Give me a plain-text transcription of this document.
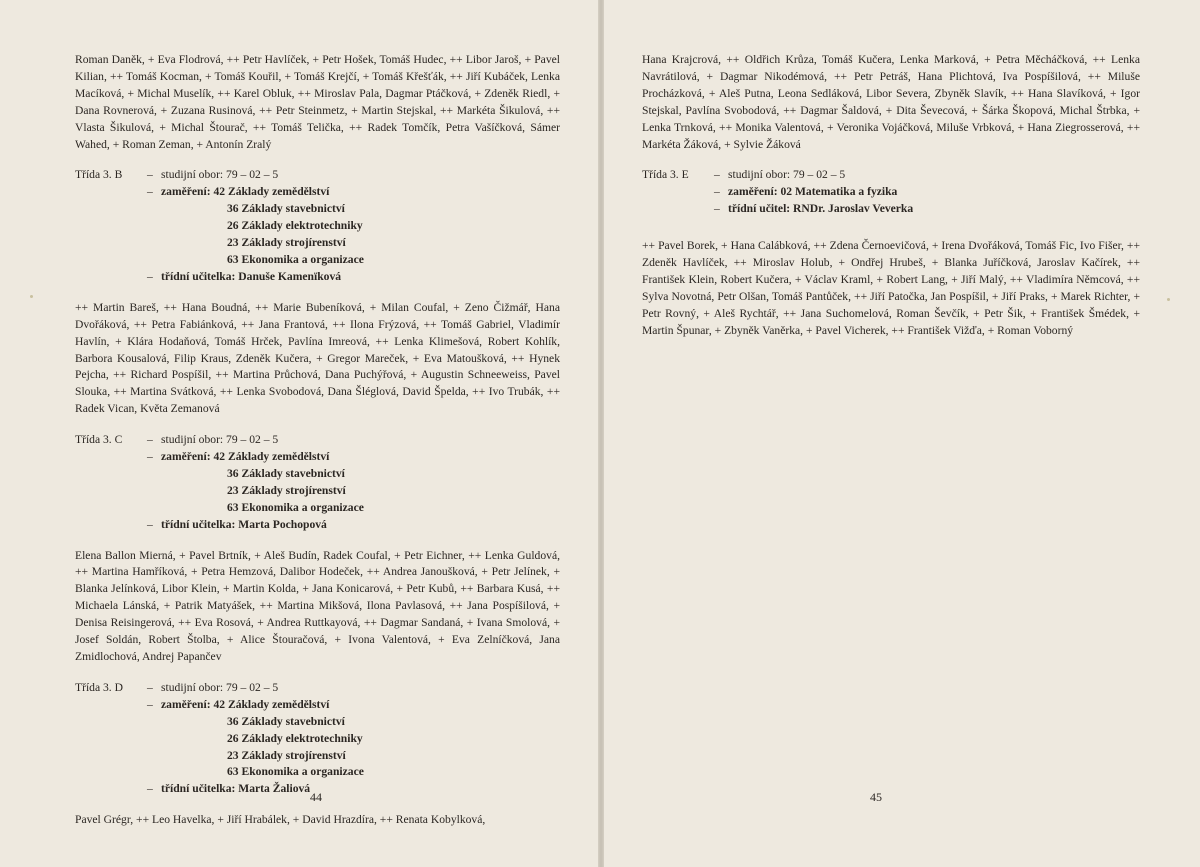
Roman Daněk, + Eva Flodrová, ++ Petr Havlíček, + Petr Hošek, Tomáš Hudec, ++ Libor Jaroš, + Pavel Kilian, ++ Tomáš Kocman, + Tomáš Kouřil, + Tomáš Krejčí, + Tomáš Křešťák, ++ Jiří Kubáček, Lenka Macíková, + Michal Muselík, ++ Karel Obluk, ++ Miroslav Pala, Dagmar Ptáčková, + Zdeněk Riedl, + Dana Rovnerová, + Zuzana Rusinová, ++ Petr Steinmetz, + Martin Stejskal, ++ Markéta Šikulová, ++ Vlasta Šikulová, + Michal Štourač, ++ Tomáš Telička, ++ Radek Tomčík, Petra Vašíčková, Sámer Wahed, + Roman Zeman, + Antonín Zralý

Třída 3. B	– studijní obor: 79 – 02 – 5
– zaměření: 42 Základy zemědělství
36 Základy stavebnictví
26 Základy elektrotechniky
23 Základy strojírenství
63 Ekonomika a organizace
– třídní učitelka: Danuše Kamenïková

++ Martin Bareš, ++ Hana Boudná, ++ Marie Bubeníková, + Milan Coufal, + Zeno Čižmář, Hana Dvořáková, ++ Petra Fabiánková, ++ Jana Frantová, ++ Ilona Frýzová, ++ Tomáš Gabriel, Vladimír Havlín, + Klára Hodaňová, Tomáš Hrček, Pavlína Imreová, ++ Lenka Klimešová, Robert Kohlík, Barbora Kousalová, Filip Kraus, Zdeněk Kučera, + Gregor Mareček, + Eva Matoušková, ++ Hynek Pejcha, ++ Richard Pospíšil, ++ Martina Průchová, Dana Puchýřová, + Augustin Schneeweiss, Pavel Slouka, ++ Martina Svátková, ++ Lenka Svobodová, Dana Šléglová, David Špelda, ++ Ivo Trubák, ++ Radek Vican, Květa Zemanová

Třída 3. C	– studijní obor: 79 – 02 – 5
– zaměření: 42 Základy zemědělství
36 Základy stavebnictví
23 Základy strojírenství
63 Ekonomika a organizace
– třídní učitelka: Marta Pochopová

Elena Ballon Mierná, + Pavel Brtník, + Aleš Budín, Radek Coufal, + Petr Eichner, ++ Lenka Guldová, ++ Martina Hamříková, + Petra Hemzová, Dalibor Hodeček, ++ Andrea Janoušková, + Petr Jelínek, + Blanka Jelínková, Libor Klein, + Martin Kolda, + Jana Konicarová, + Petr Kubů, ++ Barbara Kusá, ++ Michaela Lánská, + Patrik Matyášek, ++ Martina Mikšová, Ilona Pavlasová, ++ Jana Pospíšilová, + Denisa Reisingerová, ++ Eva Rosová, + Andrea Ruttkayová, ++ Dagmar Sandaná, + Ivana Smolová, + Josef Soldán, Robert Štolba, + Alice Štouračová, + Ivona Valentová, + Eva Zelníčková, Jana Zmidlochová, Andrej Papančev

Třída 3. D	– studijní obor: 79 – 02 – 5
– zaměření: 42 Základy zemědělství
36 Základy stavebnictví
26 Základy elektrotechniky
23 Základy strojírenství
63 Ekonomika a organizace
– třídní učitelka: Marta Žaliová

Pavel Grégr, ++ Leo Havelka, + Jiří Hrabálek, + David Hrazdíra, ++ Renata Kobylková,

44

Hana Krajcrová, ++ Oldřich Krůza, Tomáš Kučera, Lenka Marková, + Petra Měcháčková, ++ Lenka Navrátilová, + Dagmar Nikodémová, ++ Petr Petráš, Hana Plichtová, Iva Pospíšilová, ++ Miluše Procházková, + Aleš Putna, Leona Sedláková, Libor Severa, Zbyněk Slavík, ++ Hana Slavíková, + Igor Stejskal, Pavlína Svobodová, ++ Dagmar Šaldová, + Dita Ševecová, + Šárka Škopová, Michal Štrbka, + Lenka Trnková, ++ Monika Valentová, + Veronika Vojáčková, Miluše Vrbková, + Hana Ziegrosserová, ++ Markéta Žáková, + Sylvie Žáková

Třída 3. E	– studijní obor: 79 – 02 – 5
– zaměření: 02 Matematika a fyzika
– třídní učitel: RNDr. Jaroslav Veverka

++ Pavel Borek, + Hana Calábková, ++ Zdena Černoevičová, + Irena Dvořáková, Tomáš Fic, Ivo Fišer, ++ Zdeněk Havlíček, ++ Miroslav Holub, + Ondřej Hrubeš, + Blanka Juříčková, Jaroslav Kačírek, ++ František Klein, Robert Kučera, + Václav Kraml, + Robert Lang, + Jiří Malý, ++ Vladimíra Němcová, ++ Sylva Novotná, Petr Olšan, Tomáš Pantůček, ++ Jiří Patočka, Jan Pospíšil, + Jiří Praks, + Marek Richter, + Petr Rovný, + Aleš Rychtář, ++ Jana Suchomelová, Roman Ševčík, + Petr Šik, + František Šmédek, + Martin Špunar, + Zbyněk Vaněrka, + Pavel Vicherek, ++ František Vižďa, + Roman Voborný

45
